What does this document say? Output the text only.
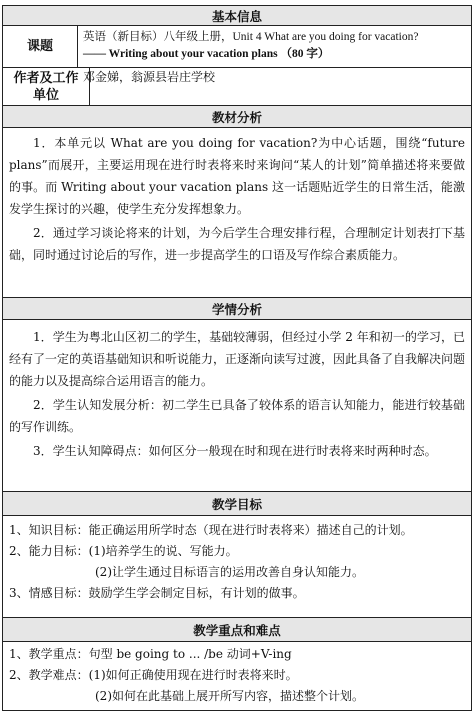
基本信息
课题
英语（新目标）八年级上册，Unit 4 What are you doing for vacation?
—— Writing about your vacation plans （80 字）
作者及工作单位
邓金娣，翁源县岩庄学校
教材分析

1．本单元以 What are you doing for vacation?为中心话题，围绕“future plans”而展开，主要运用现在进行时表将来时来询问“某人的计划”简单描述将来要做的事。而 Writing about your vacation plans 这一话题贴近学生的日常生活，能激发学生探讨的兴趣，使学生充分发挥想象力。

2．通过学习谈论将来的计划，为今后学生合理安排行程，合理制定计划表打下基础，同时通过讨论后的写作，进一步提高学生的口语及写作综合素质能力。

学情分析

1．学生为粤北山区初二的学生，基础较薄弱，但经过小学 2 年和初一的学习，已经有了一定的英语基础知识和听说能力，正逐渐向读写过渡，因此具备了自我解决问题的能力以及提高综合运用语言的能力。

2．学生认知发展分析：初二学生已具备了较体系的语言认知能力，能进行较基础的写作训练。

3．学生认知障碍点：如何区分一般现在时和现在进行时表将来时两种时态。

教学目标

1、知识目标：能正确运用所学时态（现在进行时表将来）描述自己的计划。

2、能力目标：(1)培养学生的说、写能力。

(2)让学生通过目标语言的运用改善自身认知能力。

3、情感目标：鼓励学生学会制定目标，有计划的做事。

教学重点和难点

1、教学重点：句型 be going to ... /be 动词+V-ing

2、教学难点：(1)如何正确使用现在进行时表将来时。

(2)如何在此基础上展开所写内容，描述整个计划。
